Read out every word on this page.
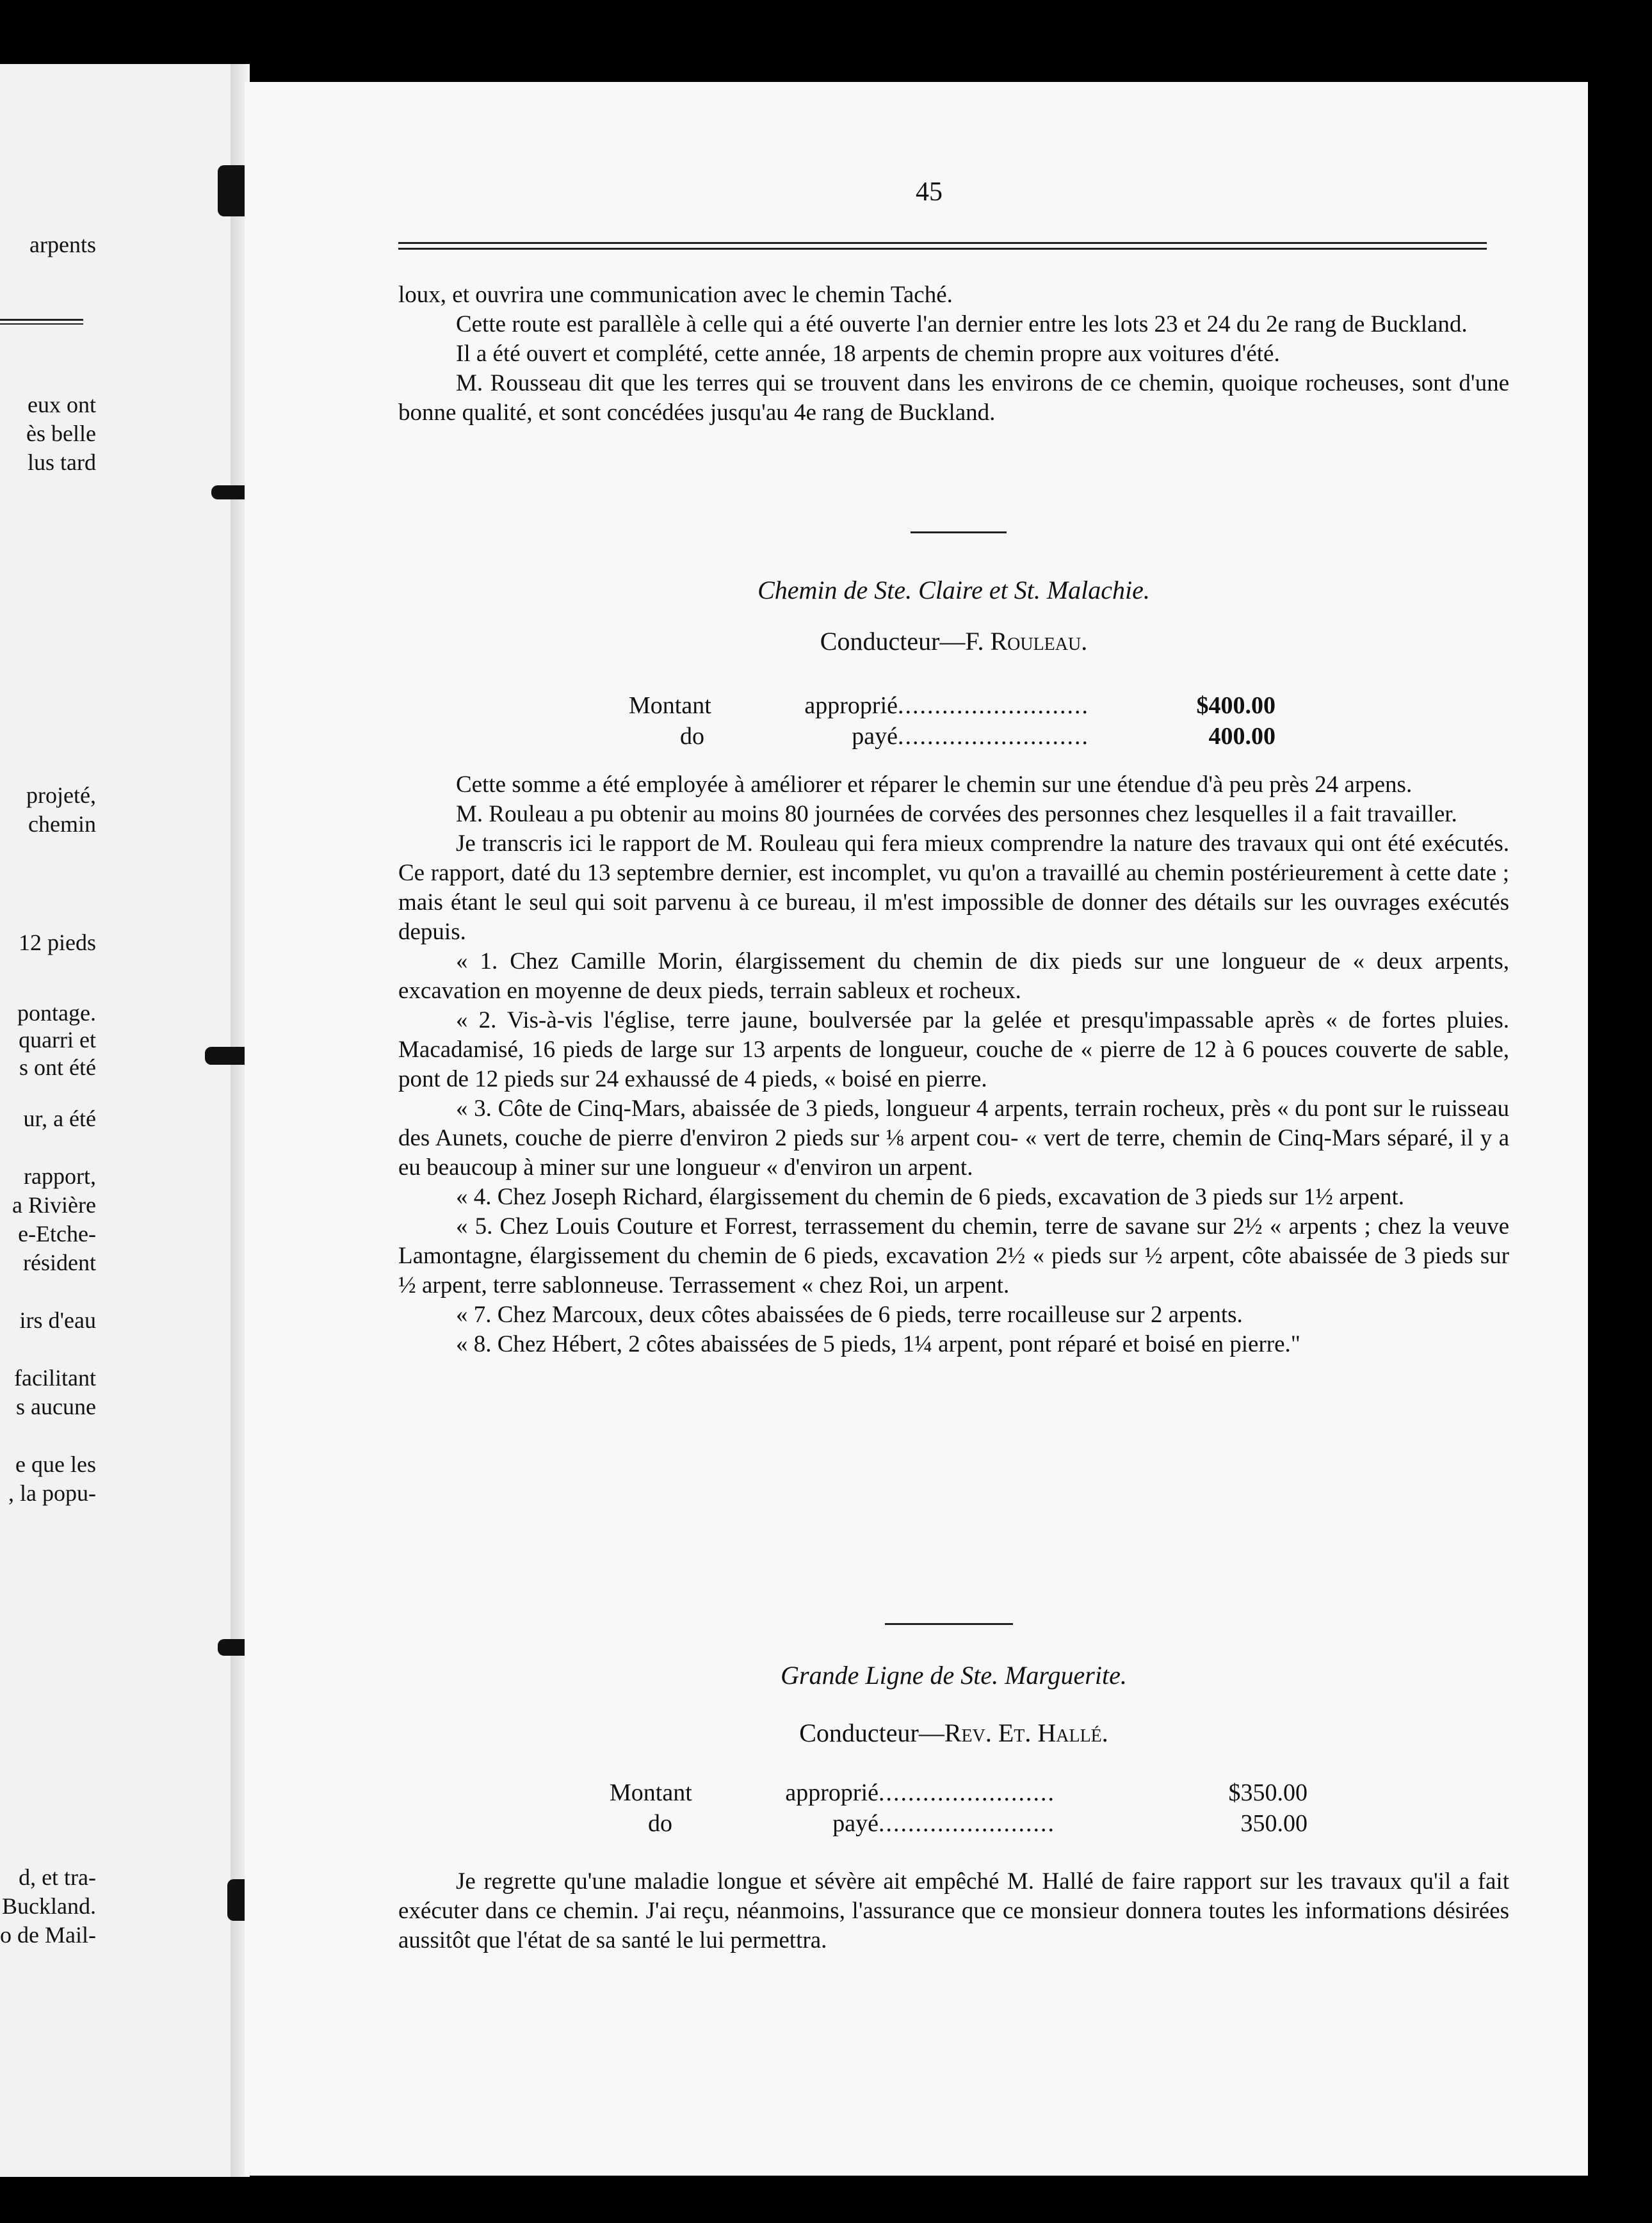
arpents
eux ont
ès belle
lus tard
projeté,
chemin
12 pieds
pontage.
quarri et
s ont été
ur, a été
rapport,
a Rivière
e-Etche-
résident
irs d'eau
facilitant
s aucune
e que les
, la popu-
d, et tra-
Buckland.
o de Mail-
45

loux, et ouvrira une communication avec le chemin Taché.

Cette route est parallèle à celle qui a été ouverte l'an dernier entre les lots 23 et 24 du 2e rang de Buckland.

Il a été ouvert et complété, cette année, 18 arpents de chemin propre aux voitures d'été.

M. Rousseau dit que les terres qui se trouvent dans les environs de ce chemin, quoique rocheuses, sont d'une bonne qualité, et sont concédées jusqu'au 4e rang de Buckland.

Chemin de Ste. Claire et St. Malachie.
Conducteur—F. Rouleau.
Montant	approprié..........................	$400.00
do	payé..........................	400.00

Cette somme a été employée à améliorer et réparer le chemin sur une étendue d'à peu près 24 arpens.

M. Rouleau a pu obtenir au moins 80 journées de corvées des personnes chez lesquelles il a fait travailler.

Je transcris ici le rapport de M. Rouleau qui fera mieux comprendre la nature des travaux qui ont été exécutés. Ce rapport, daté du 13 septembre dernier, est incomplet, vu qu'on a travaillé au chemin postérieurement à cette date ; mais étant le seul qui soit parvenu à ce bureau, il m'est impossible de donner des détails sur les ouvrages exécutés depuis.

« 1. Chez Camille Morin, élargissement du chemin de dix pieds sur une longueur de « deux arpents, excavation en moyenne de deux pieds, terrain sableux et rocheux.

« 2. Vis-à-vis l'église, terre jaune, boulversée par la gelée et presqu'impassable après « de fortes pluies. Macadamisé, 16 pieds de large sur 13 arpents de longueur, couche de « pierre de 12 à 6 pouces couverte de sable, pont de 12 pieds sur 24 exhaussé de 4 pieds, « boisé en pierre.

« 3. Côte de Cinq-Mars, abaissée de 3 pieds, longueur 4 arpents, terrain rocheux, près « du pont sur le ruisseau des Aunets, couche de pierre d'environ 2 pieds sur ⅛ arpent cou- « vert de terre, chemin de Cinq-Mars séparé, il y a eu beaucoup à miner sur une longueur « d'environ un arpent.

« 4. Chez Joseph Richard, élargissement du chemin de 6 pieds, excavation de 3 pieds sur 1½ arpent.

« 5. Chez Louis Couture et Forrest, terrassement du chemin, terre de savane sur 2½ « arpents ; chez la veuve Lamontagne, élargissement du chemin de 6 pieds, excavation 2½ « pieds sur ½ arpent, côte abaissée de 3 pieds sur ½ arpent, terre sablonneuse. Terrassement « chez Roi, un arpent.

« 7. Chez Marcoux, deux côtes abaissées de 6 pieds, terre rocailleuse sur 2 arpents.

« 8. Chez Hébert, 2 côtes abaissées de 5 pieds, 1¼ arpent, pont réparé et boisé en pierre."

Grande Ligne de Ste. Marguerite.
Conducteur—Rev. Et. Hallé.
Montant	approprié........................	$350.00
do	payé........................	350.00

Je regrette qu'une maladie longue et sévère ait empêché M. Hallé de faire rapport sur les travaux qu'il a fait exécuter dans ce chemin. J'ai reçu, néanmoins, l'assurance que ce monsieur donnera toutes les informations désirées aussitôt que l'état de sa santé le lui permettra.
